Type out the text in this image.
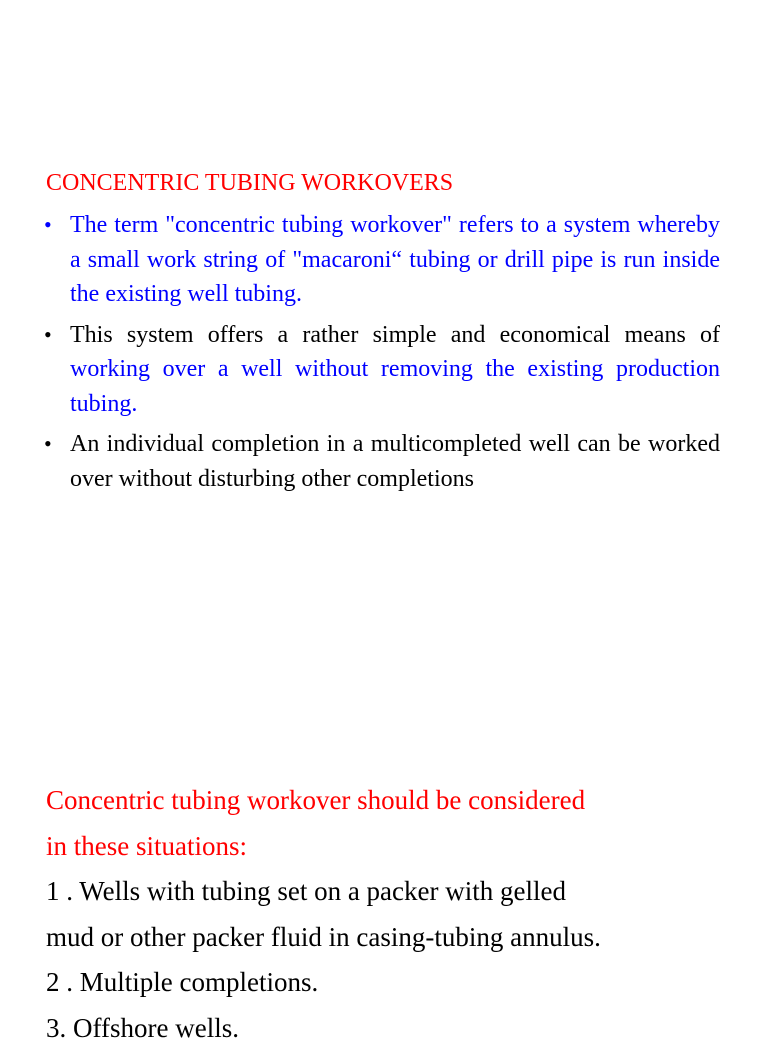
CONCENTRIC TUBING WORKOVERS
• The term "concentric tubing workover" refers to a system whereby a small work string of "macaroni“ tubing or drill pipe is run inside the existing well tubing.
• This system offers a rather simple and economical means of working over a well without removing the existing production tubing.
• An individual completion in a multicompleted well can be worked over without disturbing other completions
Concentric tubing workover should be considered
in these situations:
1 . Wells with tubing set on a packer with gelled
mud or other packer fluid in casing-tubing annulus.
2 . Multiple completions.
3. Offshore wells.
